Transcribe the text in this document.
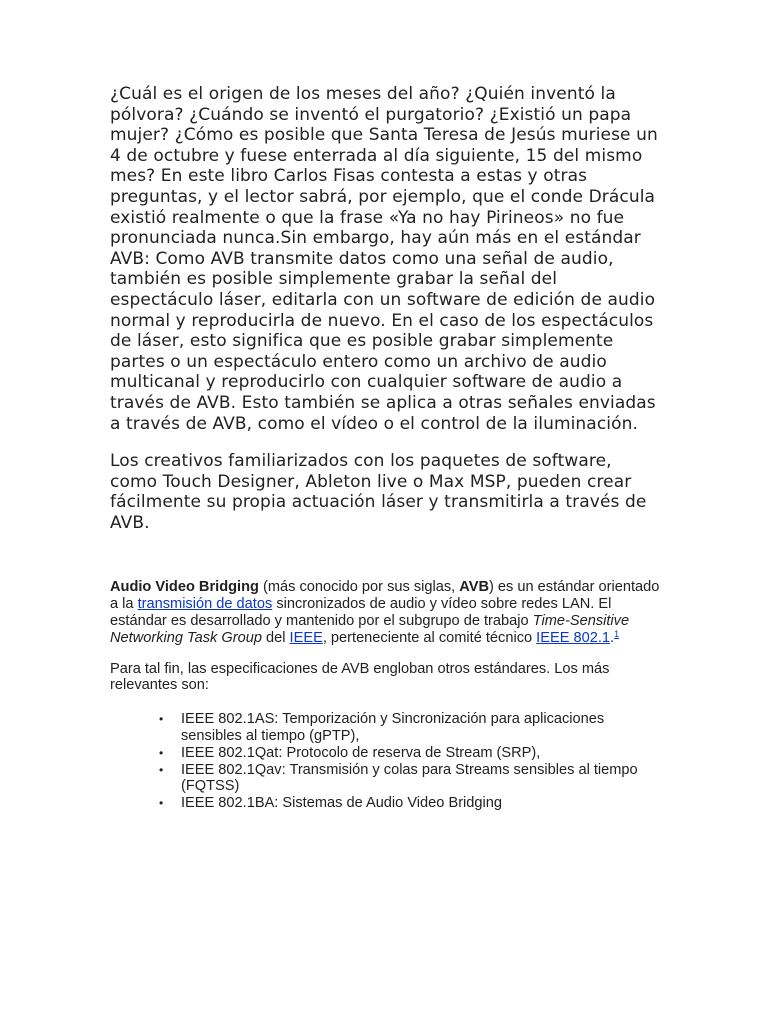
¿Cuál es el origen de los meses del año? ¿Quién inventó la pólvora? ¿Cuándo se inventó el purgatorio? ¿Existió un papa mujer? ¿Cómo es posible que Santa Teresa de Jesús muriese un 4 de octubre y fuese enterrada al día siguiente, 15 del mismo mes? En este libro Carlos Fisas contesta a estas y otras preguntas, y el lector sabrá, por ejemplo, que el conde Drácula existió realmente o que la frase «Ya no hay Pirineos» no fue pronunciada nunca.Sin embargo, hay aún más en el estándar AVB: Como AVB transmite datos como una señal de audio, también es posible simplemente grabar la señal del espectáculo láser, editarla con un software de edición de audio normal y reproducirla de nuevo. En el caso de los espectáculos de láser, esto significa que es posible grabar simplemente partes o un espectáculo entero como un archivo de audio multicanal y reproducirlo con cualquier software de audio a través de AVB. Esto también se aplica a otras señales enviadas a través de AVB, como el vídeo o el control de la iluminación.

Los creativos familiarizados con los paquetes de software, como Touch Designer, Ableton live o Max MSP, pueden crear fácilmente su propia actuación láser y transmitirla a través de AVB.

Audio Video Bridging (más conocido por sus siglas, AVB) es un estándar orientado a la transmisión de datos sincronizados de audio y vídeo sobre redes LAN. El estándar es desarrollado y mantenido por el subgrupo de trabajo Time-Sensitive Networking Task Group del IEEE, perteneciente al comité técnico IEEE 802.1.$^1$

Para tal fin, las especificaciones de AVB engloban otros estándares. Los más relevantes son:

• IEEE 802.1AS: Temporización y Sincronización para aplicaciones sensibles al tiempo (gPTP),
• IEEE 802.1Qat: Protocolo de reserva de Stream (SRP),
• IEEE 802.1Qav: Transmisión y colas para Streams sensibles al tiempo (FQTSS)
• IEEE 802.1BA: Sistemas de Audio Video Bridging
